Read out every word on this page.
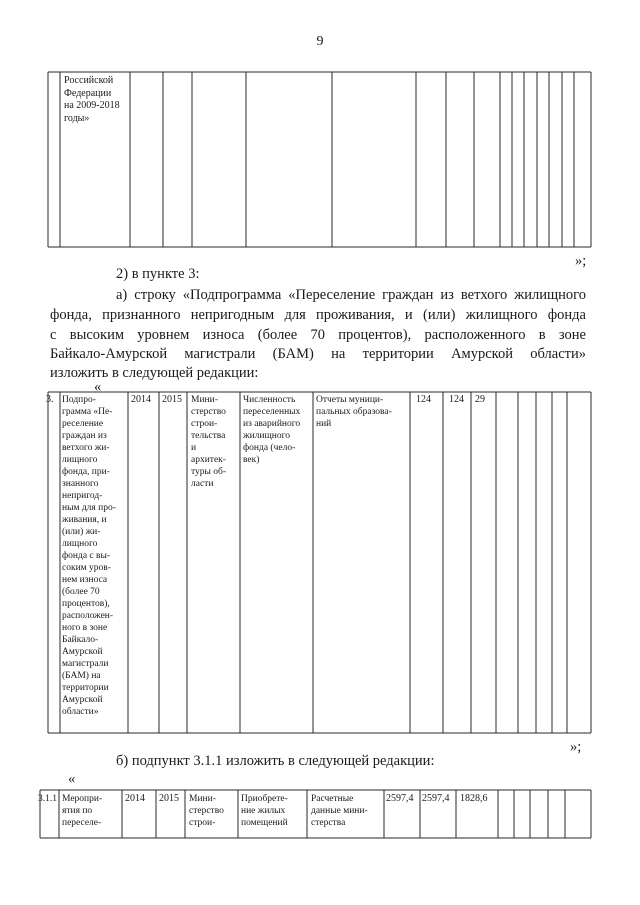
9
Российской
Федерации
на 2009-2018
годы»
»;
2) в пункте 3:
а) строку «Подпрограмма «Переселение граждан из ветхого жилищного
фонда, признанного непригодным для проживания, и (или) жилищного фонда
с высоким уровнем износа (более 70 процентов), расположенного в зоне
Байкало-Амурской магистрали (БАМ) на территории Амурской области»
изложить в следующей редакции:
«
3. Подпро-
грамма «Пе-
реселение
граждан из
ветхого жи-
лищного
фонда, при-
знанного
непригод-
ным для про-
живания, и
(или) жи-
лищного
фонда с вы-
соким уров-
нем износа
(более 70
процентов),
расположен-
ного в зоне
Байкало-
Амурской
магистрали
(БАМ) на
территории
Амурской
области»
2014 2015 Мини-
стерство
строи-
тельства
и
архитек-
туры об-
ласти
Численность
переселенных
из аварийного
жилищного
фонда (чело-
век)
Отчеты муници-
пальных образова-
ний
124 124 29
»;
б) подпункт 3.1.1 изложить в следующей редакции:
«
3.1.1 Меропри-
ятия по
переселе-
2014 2015 Мини-
стерство
строи-
Приобрете-
ние жилых
помещений
Расчетные
данные мини-
стерства
2597,4 2597,4 1828,6
